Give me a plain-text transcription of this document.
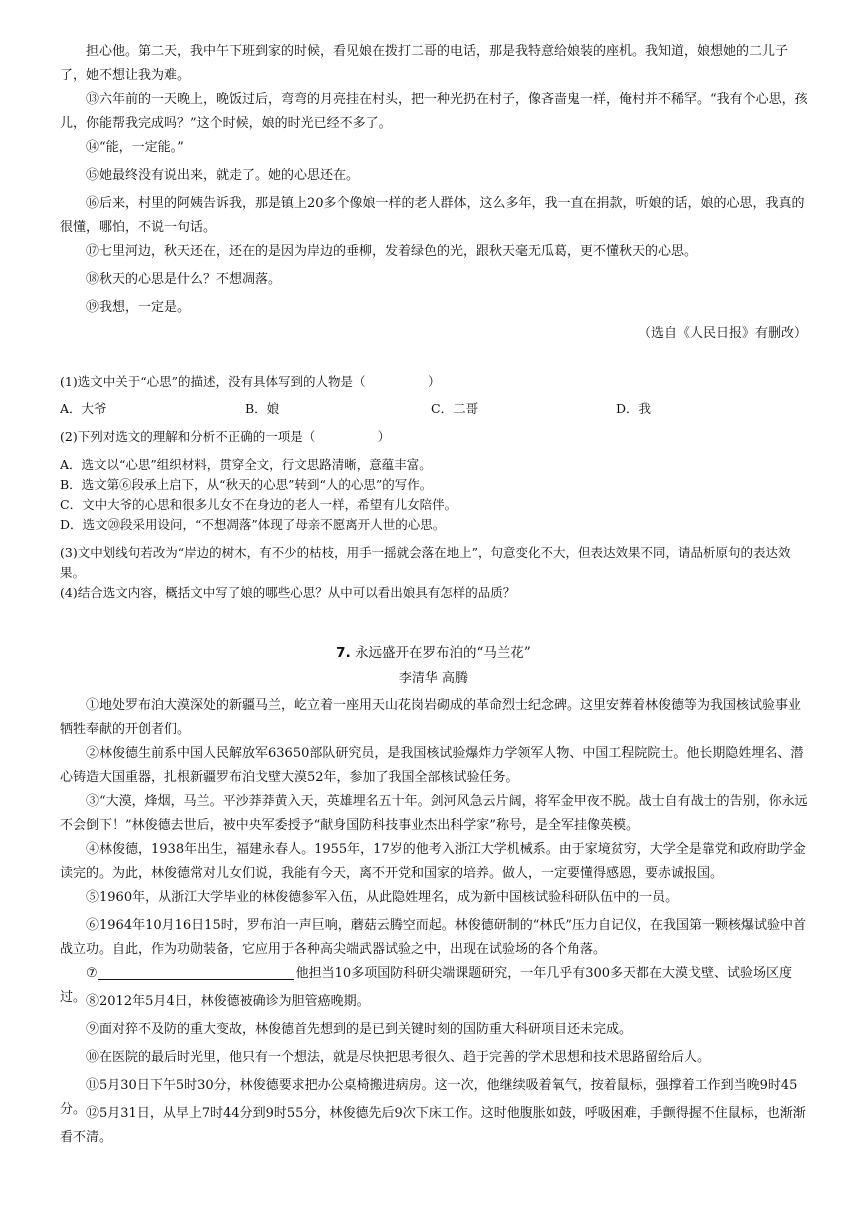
担心他。第二天，我中午下班到家的时候，看见娘在拨打二哥的电话，那是我特意给娘装的座机。我知道，娘想她的二儿子了，她不想让我为难。

⑬六年前的一天晚上，晚饭过后，弯弯的月亮挂在村头，把一种光扔在村子，像吝啬鬼一样，俺村并不稀罕。“我有个心思，孩儿，你能帮我完成吗？”这个时候，娘的时光已经不多了。

⑭“能，一定能。”

⑮她最终没有说出来，就走了。她的心思还在。

⑯后来，村里的阿姨告诉我，那是镇上20多个像娘一样的老人群体，这么多年，我一直在捐款，听娘的话，娘的心思，我真的很懂，哪怕，不说一句话。

⑰七里河边，秋天还在，还在的是因为岸边的垂柳，发着绿色的光，跟秋天毫无瓜葛，更不懂秋天的心思。

⑱秋天的心思是什么？不想凋落。

⑲我想，一定是。

（选自《人民日报》有删改）

(1)选文中关于“心思”的描述，没有具体写到的人物是（　　　　　）

A．大爷	B．娘	C．二哥	D．我

(2)下列对选文的理解和分析不正确的一项是（　　　　　）

A．选文以“心思”组织材料，贯穿全文，行文思路清晰，意蕴丰富。

B．选文第⑥段承上启下，从“秋天的心思”转到“人的心思”的写作。

C．文中大爷的心思和很多儿女不在身边的老人一样，希望有儿女陪伴。

D．选文⑳段采用设问，“不想凋落”体现了母亲不愿离开人世的心思。

(3)文中划线句若改为“岸边的树木，有不少的枯枝，用手一摇就会落在地上”，句意变化不大，但表达效果不同，请品析原句的表达效果。

(4)结合选文内容，概括文中写了娘的哪些心思？从中可以看出娘具有怎样的品质？

7. 永远盛开在罗布泊的“马兰花”

李清华 高腾

①地处罗布泊大漠深处的新疆马兰，屹立着一座用天山花岗岩砌成的革命烈士纪念碑。这里安葬着林俊德等为我国核试验事业牺牲奉献的开创者们。

②林俊德生前系中国人民解放军63650部队研究员，是我国核试验爆炸力学领军人物、中国工程院院士。他长期隐姓埋名、潜心铸造大国重器，扎根新疆罗布泊戈壁大漠52年，参加了我国全部核试验任务。

③“大漠，烽烟，马兰。平沙莽莽黄入天，英雄埋名五十年。剑河风急云片阔，将军金甲夜不脱。战士自有战士的告别，你永远不会倒下！”林俊德去世后，被中央军委授予“献身国防科技事业杰出科学家”称号，是全军挂像英模。

④林俊德，1938年出生，福建永春人。1955年，17岁的他考入浙江大学机械系。由于家境贫穷，大学全是靠党和政府助学金读完的。为此，林俊德常对儿女们说，我能有今天，离不开党和国家的培养。做人，一定要懂得感恩，要赤诚报国。

⑤1960年，从浙江大学毕业的林俊德参军入伍，从此隐姓埋名，成为新中国核试验科研队伍中的一员。

⑥1964年10月16日15时，罗布泊一声巨响，蘑菇云腾空而起。林俊德研制的“林氏”压力自记仪，在我国第一颗核爆试验中首战立功。自此，作为功勋装备，它应用于各种高尖端武器试验之中，出现在试验场的各个角落。

⑦	他担当10多项国防科研尖端课题研究，一年几乎有300多天都在大漠戈壁、试验场区度过。 ⑧2012年5月4日，林俊德被确诊为胆管癌晚期。

⑨面对猝不及防的重大变故，林俊德首先想到的是已到关键时刻的国防重大科研项目还未完成。

⑩在医院的最后时光里，他只有一个想法，就是尽快把思考很久、趋于完善的学术思想和技术思路留给后人。

⑪5月30日下午5时30分，林俊德要求把办公桌椅搬进病房。这一次，他继续吸着氧气，按着鼠标，强撑着工作到当晚9时45分。 ⑫5月31日，从早上7时44分到9时55分，林俊德先后9次下床工作。这时他腹胀如鼓，呼吸困难，手颤得握不住鼠标，也渐渐看不清。
